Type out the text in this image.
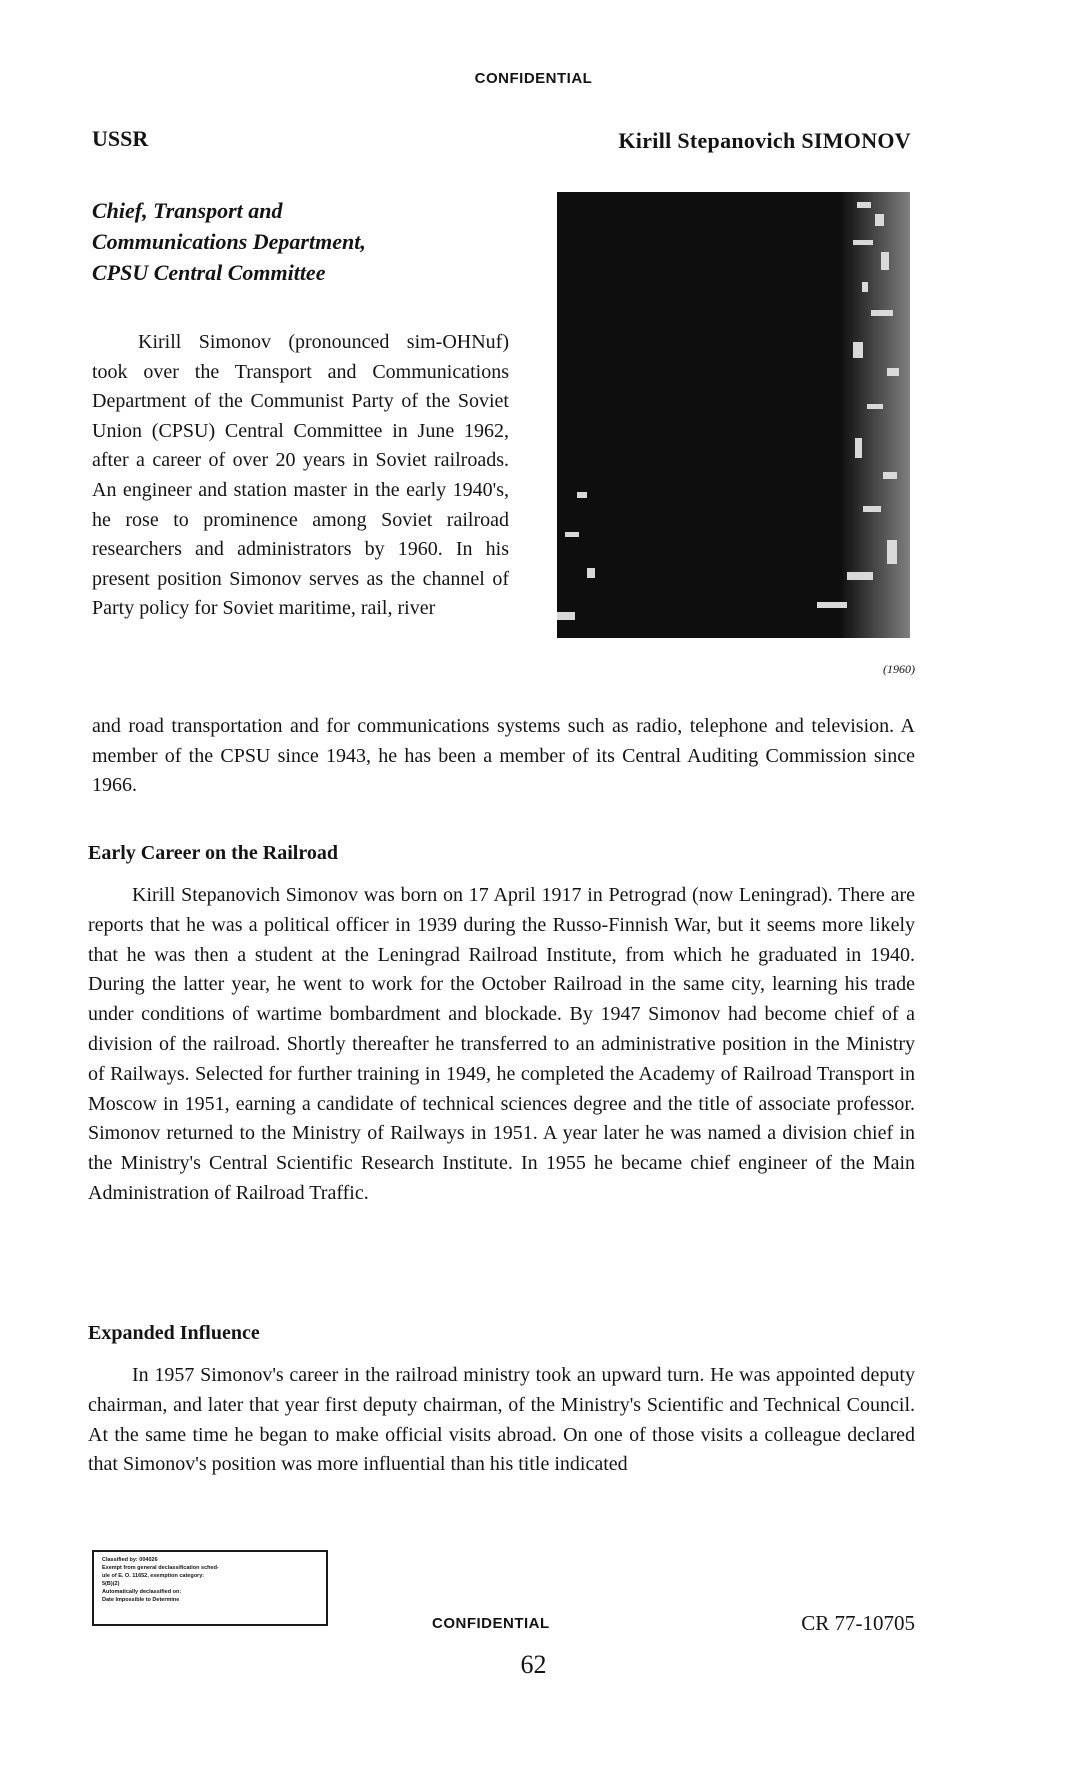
CONFIDENTIAL
USSR	Kirill Stepanovich SIMONOV
Chief, Transport and
Communications Department,
CPSU Central Committee
(1960)

Kirill Simonov (pronounced sim-OHNuf) took over the Transport and Communications Department of the Communist Party of the Soviet Union (CPSU) Central Committee in June 1962, after a career of over 20 years in Soviet railroads. An engineer and station master in the early 1940's, he rose to prominence among Soviet railroad researchers and administrators by 1960. In his present position Simonov serves as the channel of Party policy for Soviet maritime, rail, river

and road transportation and for communications systems such as radio, telephone and television. A member of the CPSU since 1943, he has been a member of its Central Auditing Commission since 1966.

Early Career on the Railroad

Kirill Stepanovich Simonov was born on 17 April 1917 in Petrograd (now Leningrad). There are reports that he was a political officer in 1939 during the Russo-Finnish War, but it seems more likely that he was then a student at the Leningrad Railroad Institute, from which he graduated in 1940. During the latter year, he went to work for the October Railroad in the same city, learning his trade under conditions of wartime bombardment and blockade. By 1947 Simonov had become chief of a division of the railroad. Shortly thereafter he transferred to an administrative position in the Ministry of Railways. Selected for further training in 1949, he completed the Academy of Railroad Transport in Moscow in 1951, earning a candidate of technical sciences degree and the title of associate professor. Simonov returned to the Ministry of Railways in 1951. A year later he was named a division chief in the Ministry's Central Scientific Research Institute. In 1955 he became chief engineer of the Main Administration of Railroad Traffic.

Expanded Influence

In 1957 Simonov's career in the railroad ministry took an upward turn. He was appointed deputy chairman, and later that year first deputy chairman, of the Ministry's Scientific and Technical Council. At the same time he began to make official visits abroad. On one of those visits a colleague declared that Simonov's position was more influential than his title indicated

Classified by: 004026
Exempt from general declassification sched-
ule of E. O. 11652, exemption category:
5(B)(2)
Automatically declassified on:
Date Impossible to Determine
CONFIDENTIAL	CR 77-10705
62
